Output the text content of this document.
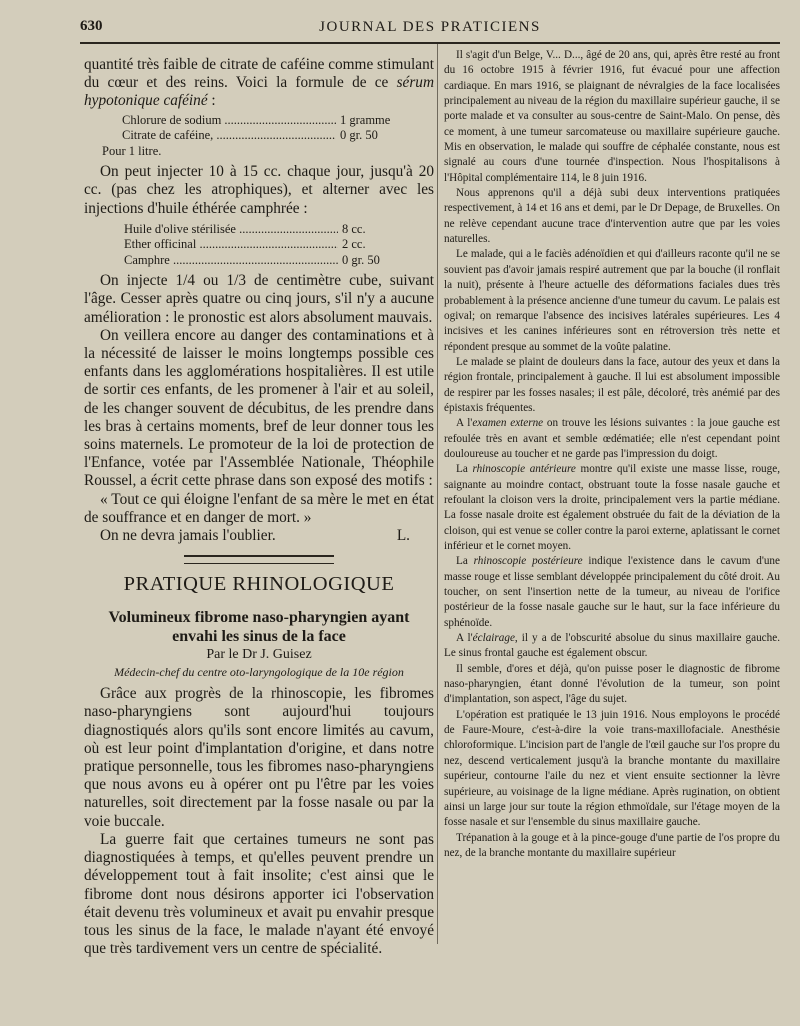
630	JOURNAL DES PRATICIENS

quantité très faible de citrate de caféine comme stimulant du cœur et des reins. Voici la formule de ce sérum hypotonique caféiné :

Chlorure de sodium .....	1 gramme
Citrate de caféine, .....	0 gr. 50
Pour 1 litre.

On peut injecter 10 à 15 cc. chaque jour, jusqu'à 20 cc. (pas chez les atrophiques), et alterner avec les injections d'huile éthérée camphrée :

Huile d'olive stérilisée .....	8 cc.
Ether officinal .....	2 cc.
Camphre .....	0 gr. 50

On injecte 1/4 ou 1/3 de centimètre cube, suivant l'âge. Cesser après quatre ou cinq jours, s'il n'y a aucune amélioration : le pronostic est alors absolument mauvais.

On veillera encore au danger des contaminations et à la nécessité de laisser le moins longtemps possible ces enfants dans les agglomérations hospitalières. Il est utile de sortir ces enfants, de les promener à l'air et au soleil, de les changer souvent de décubitus, de les prendre dans les bras à certains moments, bref de leur donner tous les soins maternels. Le promoteur de la loi de protection de l'Enfance, votée par l'Assemblée Nationale, Théophile Roussel, a écrit cette phrase dans son exposé des motifs :

« Tout ce qui éloigne l'enfant de sa mère le met en état de souffrance et en danger de mort. »

On ne devra jamais l'oublier.	L.

PRATIQUE RHINOLOGIQUE
Volumineux fibrome naso-pharyngien ayant envahi les sinus de la face
Par le Dr J. Guisez
Médecin-chef du centre oto-laryngologique de la 10e région

Grâce aux progrès de la rhinoscopie, les fibromes naso-pharyngiens sont aujourd'hui toujours diagnostiqués alors qu'ils sont encore limités au cavum, où est leur point d'implantation d'origine, et dans notre pratique personnelle, tous les fibromes naso-pharyngiens que nous avons eu à opérer ont pu l'être par les voies naturelles, soit directement par la fosse nasale ou par la voie buccale.

La guerre fait que certaines tumeurs ne sont pas diagnostiquées à temps, et qu'elles peuvent prendre un développement tout à fait insolite; c'est ainsi que le fibrome dont nous désirons apporter ici l'observation était devenu très volumineux et avait pu envahir presque tous les sinus de la face, le malade n'ayant été envoyé que très tardivement vers un centre de spécialité.

Il s'agit d'un Belge, V... D..., âgé de 20 ans, qui, après être resté au front du 16 octobre 1915 à février 1916, fut évacué pour une affection cardiaque. En mars 1916, se plaignant de névralgies de la face localisées principalement au niveau de la région du maxillaire supérieur gauche, il se porte malade et va consulter au sous-centre de Saint-Malo. On pense, dès ce moment, à une tumeur sarcomateuse ou maxillaire supérieure gauche. Mis en observation, le malade qui souffre de céphalée constante, nous est signalé au cours d'une tournée d'inspection. Nous l'hospitalisons à l'Hôpital complémentaire 114, le 8 juin 1916.

Nous apprenons qu'il a déjà subi deux interventions pratiquées respectivement, à 14 et 16 ans et demi, par le Dr Depage, de Bruxelles. On ne relève cependant aucune trace d'intervention autre que par les voies naturelles.

Le malade, qui a le faciès adénoïdien et qui d'ailleurs raconte qu'il ne se souvient pas d'avoir jamais respiré autrement que par la bouche (il ronflait la nuit), présente à l'heure actuelle des déformations faciales dues très probablement à la présence ancienne d'une tumeur du cavum. Le palais est ogival; on remarque l'absence des incisives latérales supérieures. Les 4 incisives et les canines inférieures sont en rétroversion très nette et répondent presque au sommet de la voûte palatine.

Le malade se plaint de douleurs dans la face, autour des yeux et dans la région frontale, principalement à gauche. Il lui est absolument impossible de respirer par les fosses nasales; il est pâle, décoloré, très anémié par des épistaxis fréquentes.

A l'examen externe on trouve les lésions suivantes : la joue gauche est refoulée très en avant et semble œdématiée; elle n'est cependant point douloureuse au toucher et ne garde pas l'impression du doigt.

La rhinoscopie antérieure montre qu'il existe une masse lisse, rouge, saignante au moindre contact, obstruant toute la fosse nasale gauche et refoulant la cloison vers la droite, principalement vers la partie médiane. La fosse nasale droite est également obstruée du fait de la déviation de la cloison, qui est venue se coller contre la paroi externe, aplatissant le cornet inférieur et le cornet moyen.

La rhinoscopie postérieure indique l'existence dans le cavum d'une masse rouge et lisse semblant développée principalement du côté droit. Au toucher, on sent l'insertion nette de la tumeur, au niveau de l'orifice postérieur de la fosse nasale gauche sur le haut, sur la face inférieure du sphénoïde.

A l'éclairage, il y a de l'obscurité absolue du sinus maxillaire gauche. Le sinus frontal gauche est également obscur.

Il semble, d'ores et déjà, qu'on puisse poser le diagnostic de fibrome naso-pharyngien, étant donné l'évolution de la tumeur, son point d'implantation, son aspect, l'âge du sujet.

L'opération est pratiquée le 13 juin 1916. Nous employons le procédé de Faure-Moure, c'est-à-dire la voie trans-maxillofaciale. Anesthésie chloroformique. L'incision part de l'angle de l'œil gauche sur l'os propre du nez, descend verticalement jusqu'à la branche montante du maxillaire supérieur, contourne l'aile du nez et vient ensuite sectionner la lèvre supérieure, au voisinage de la ligne médiane. Après rugination, on obtient ainsi un large jour sur toute la région ethmoïdale, sur l'étage moyen de la fosse nasale et sur l'ensemble du sinus maxillaire gauche.

Trépanation à la gouge et à la pince-gouge d'une partie de l'os propre du nez, de la branche montante du maxillaire supérieur
